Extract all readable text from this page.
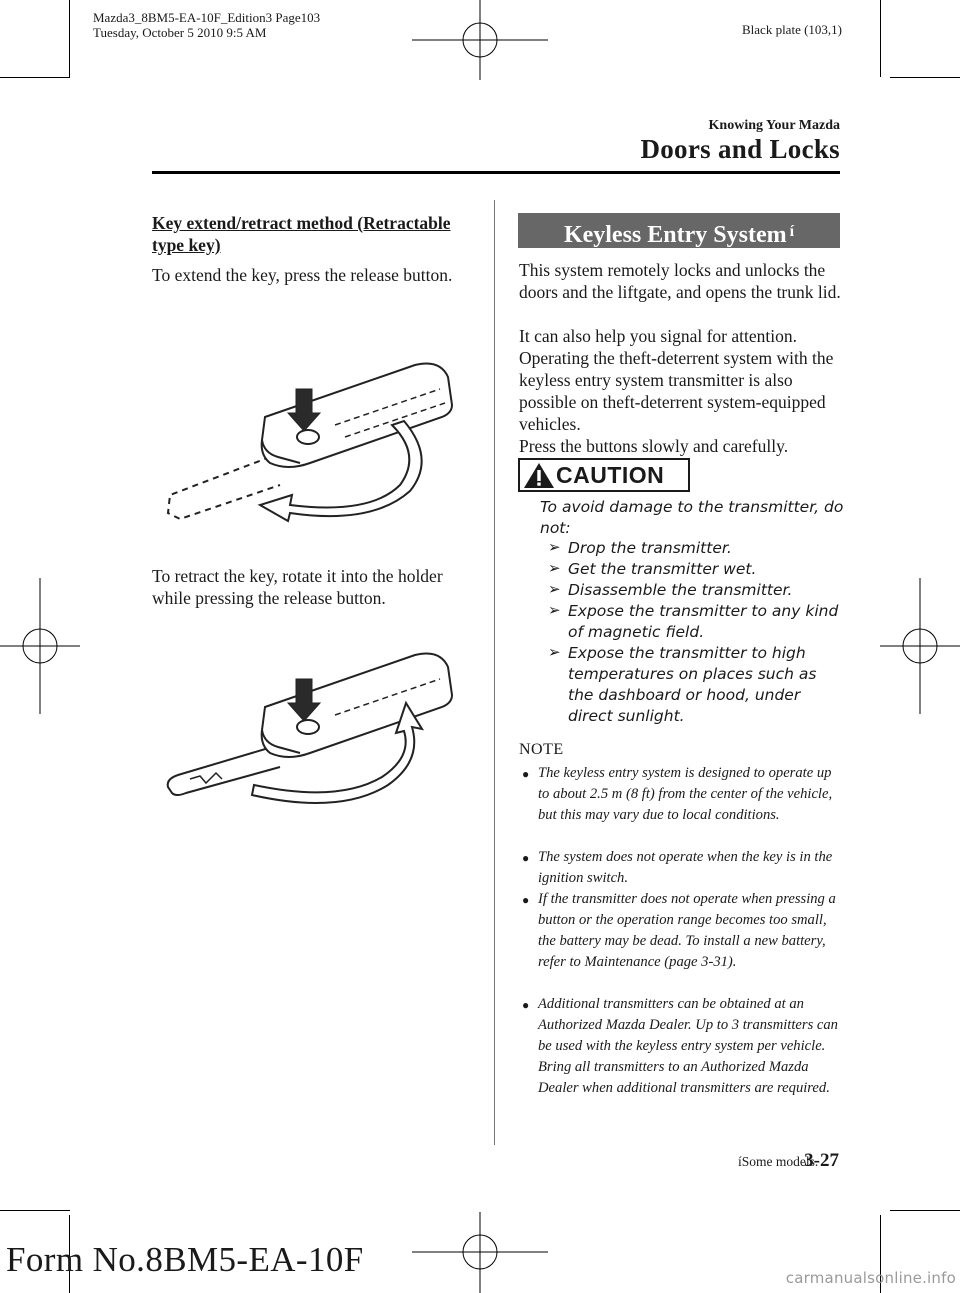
Mazda3_8BM5-EA-10F_Edition3 Page103
Tuesday, October 5 2010 9:5 AM	Black plate (103,1)
Knowing Your Mazda
Doors and Locks
Key extend/retract method (Retractable type key)
To extend the key, press the release button.
To retract the key, rotate it into the holder while pressing the release button.
Keyless Entry System $^í$
This system remotely locks and unlocks the doors and the liftgate, and opens the trunk lid.
It can also help you signal for attention.
Operating the theft-deterrent system with the keyless entry system transmitter is also possible on theft-deterrent system-equipped vehicles.
Press the buttons slowly and carefully.
CAUTION
To avoid damage to the transmitter, do not:
➢ Drop the transmitter.
➢ Get the transmitter wet.
➢ Disassemble the transmitter.
➢ Expose the transmitter to any kind of magnetic field.
➢ Expose the transmitter to high temperatures on places such as the dashboard or hood, under direct sunlight.
NOTE
● The keyless entry system is designed to operate up to about 2.5 m (8 ft) from the center of the vehicle, but this may vary due to local conditions.
● The system does not operate when the key is in the ignition switch.
● If the transmitter does not operate when pressing a button or the operation range becomes too small, the battery may be dead. To install a new battery, refer to Maintenance (page 3-31).
● Additional transmitters can be obtained at an Authorized Mazda Dealer. Up to 3 transmitters can be used with the keyless entry system per vehicle. Bring all transmitters to an Authorized Mazda Dealer when additional transmitters are required.
íSome models.
3-27
Form No.8BM5-EA-10F	carmanualsonline.info
